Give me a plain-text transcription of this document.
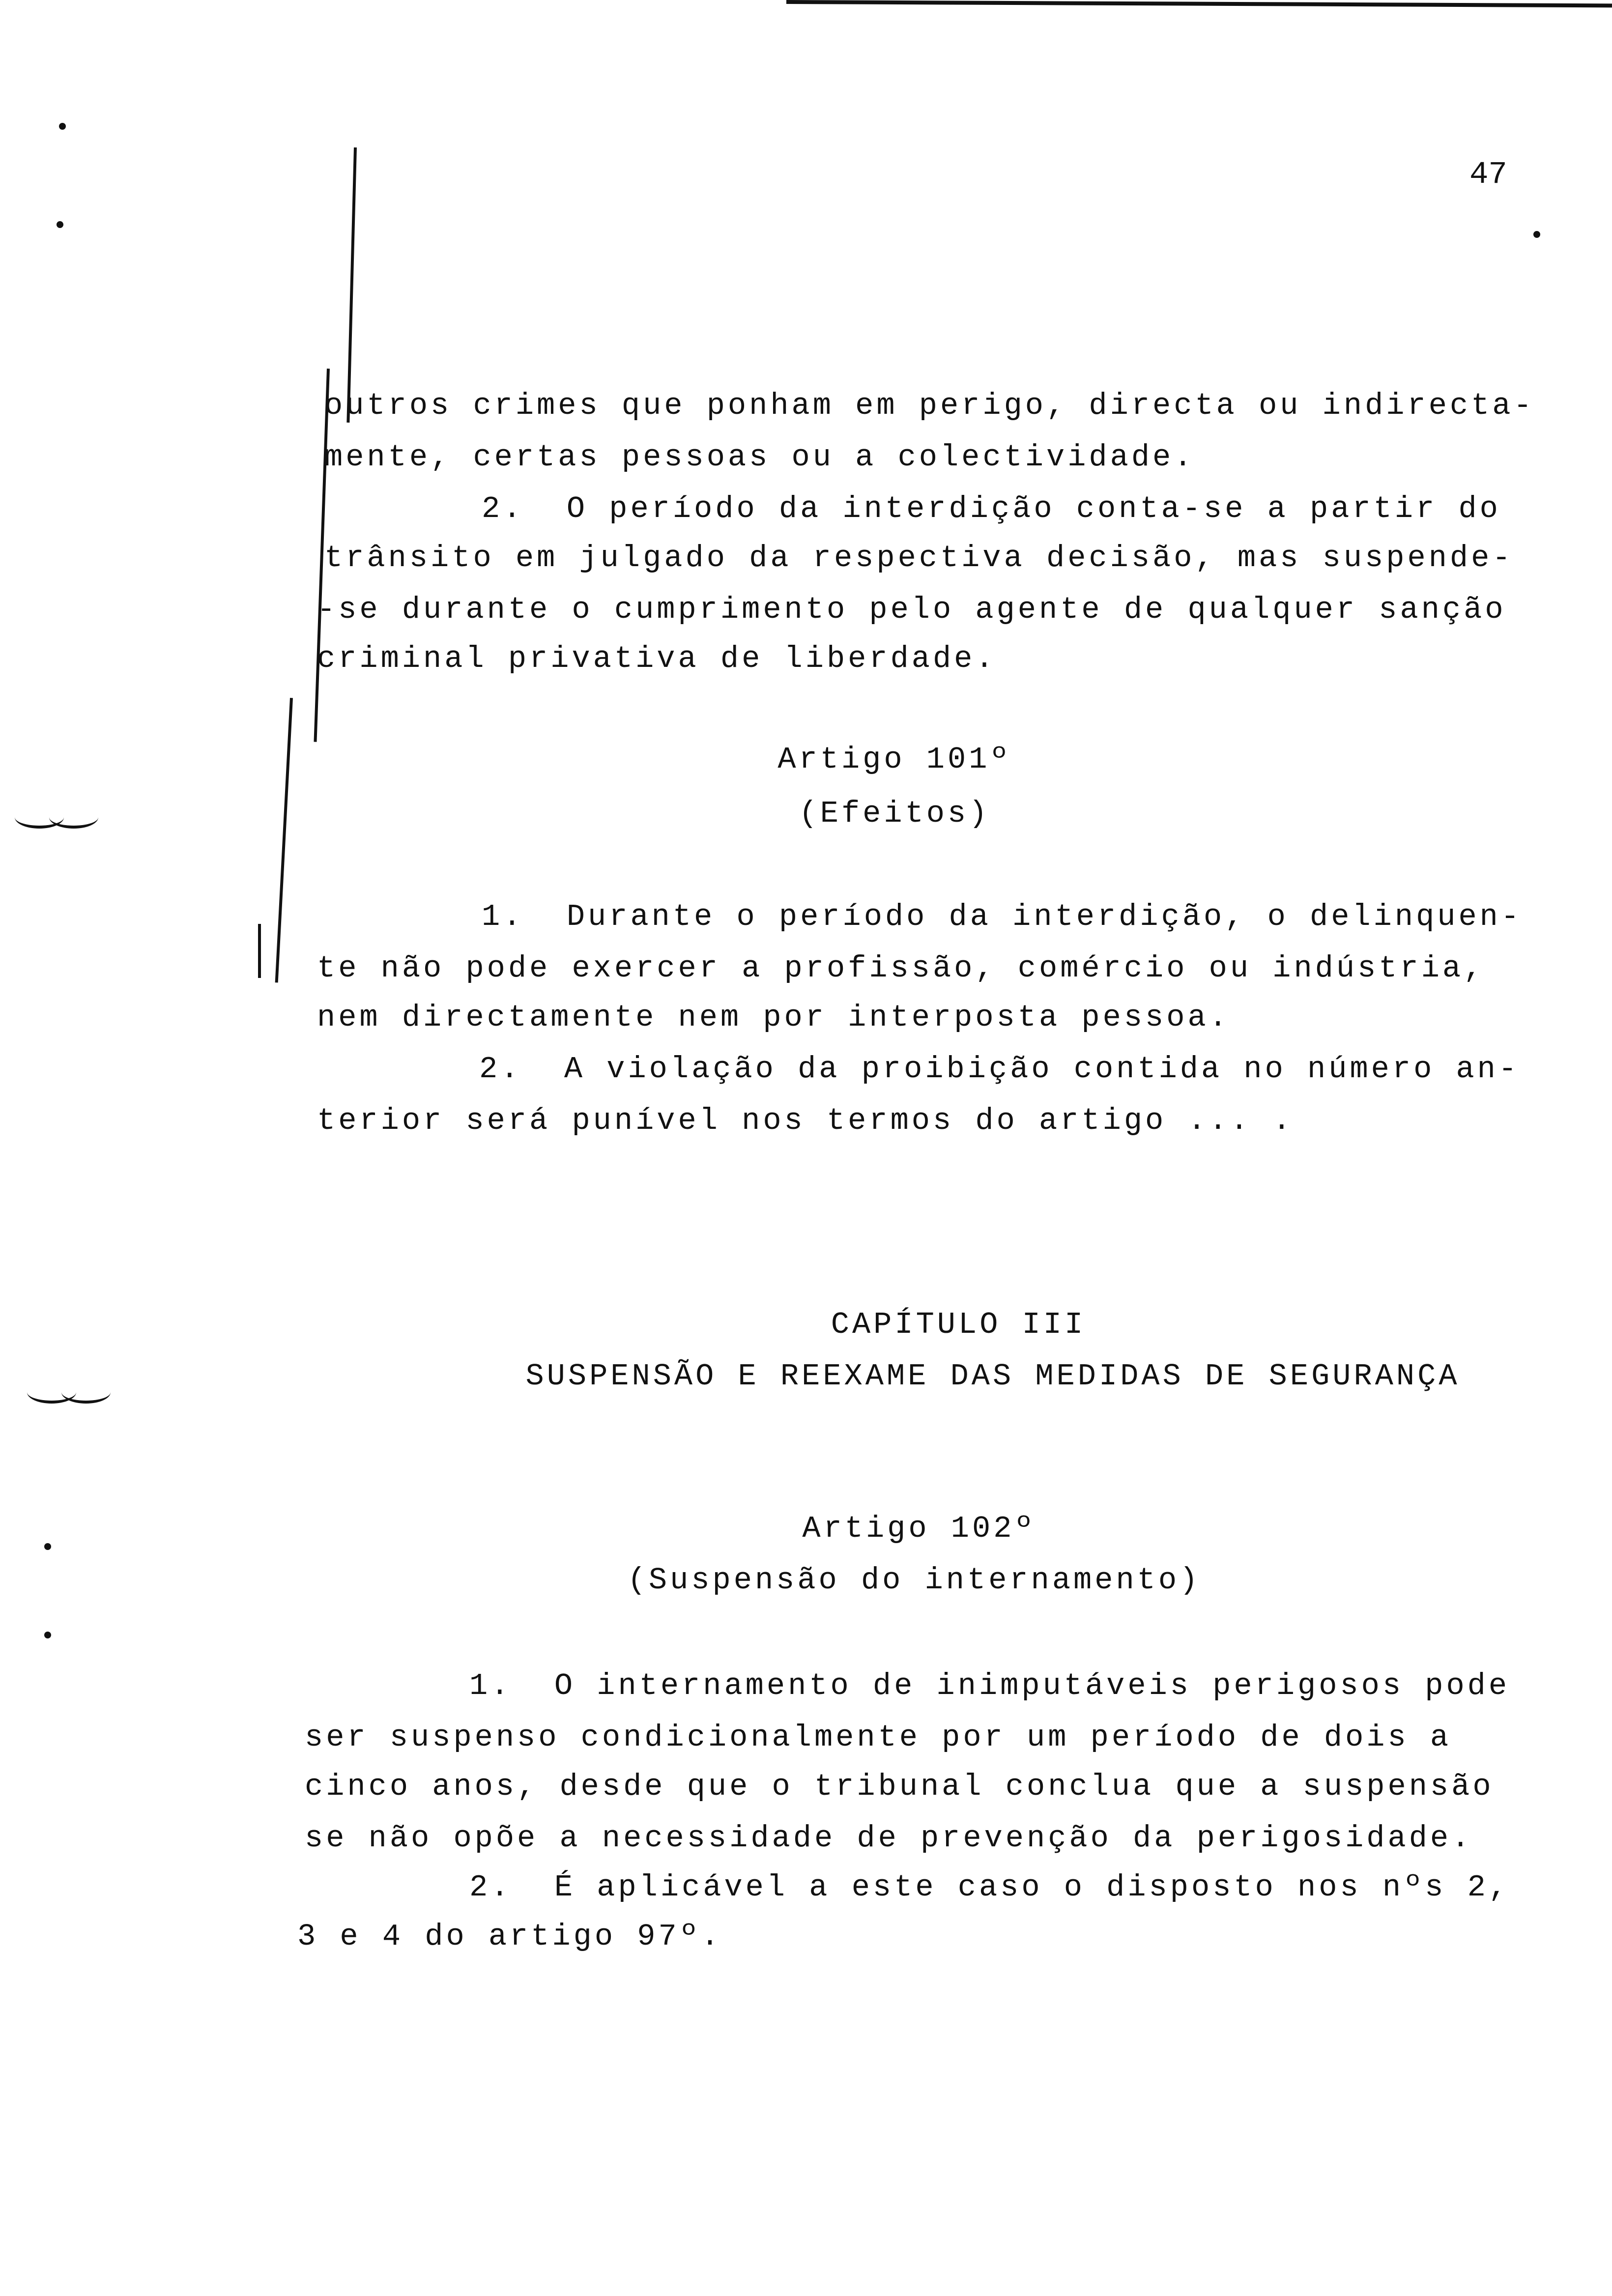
47
outros crimes que ponham em perigo, directa ou indirecta-
mente, certas pessoas ou a colectividade.
2.  O período da interdição conta-se a partir do
trânsito em julgado da respectiva decisão, mas suspende-
-se durante o cumprimento pelo agente de qualquer sanção
criminal privativa de liberdade.
Artigo 101º
(Efeitos)
1.  Durante o período da interdição, o delinquen-
te não pode exercer a profissão, comércio ou indústria,
nem directamente nem por interposta pessoa.
2.  A violação da proibição contida no número an-
terior será punível nos termos do artigo ... .
CAPÍTULO III
SUSPENSÃO E REEXAME DAS MEDIDAS DE SEGURANÇA
Artigo 102º
(Suspensão do internamento)
1.  O internamento de inimputáveis perigosos pode
ser suspenso condicionalmente por um período de dois a
cinco anos, desde que o tribunal conclua que a suspensão
se não opõe a necessidade de prevenção da perigosidade.
2.  É aplicável a este caso o disposto nos nºs 2,
3 e 4 do artigo 97º.
